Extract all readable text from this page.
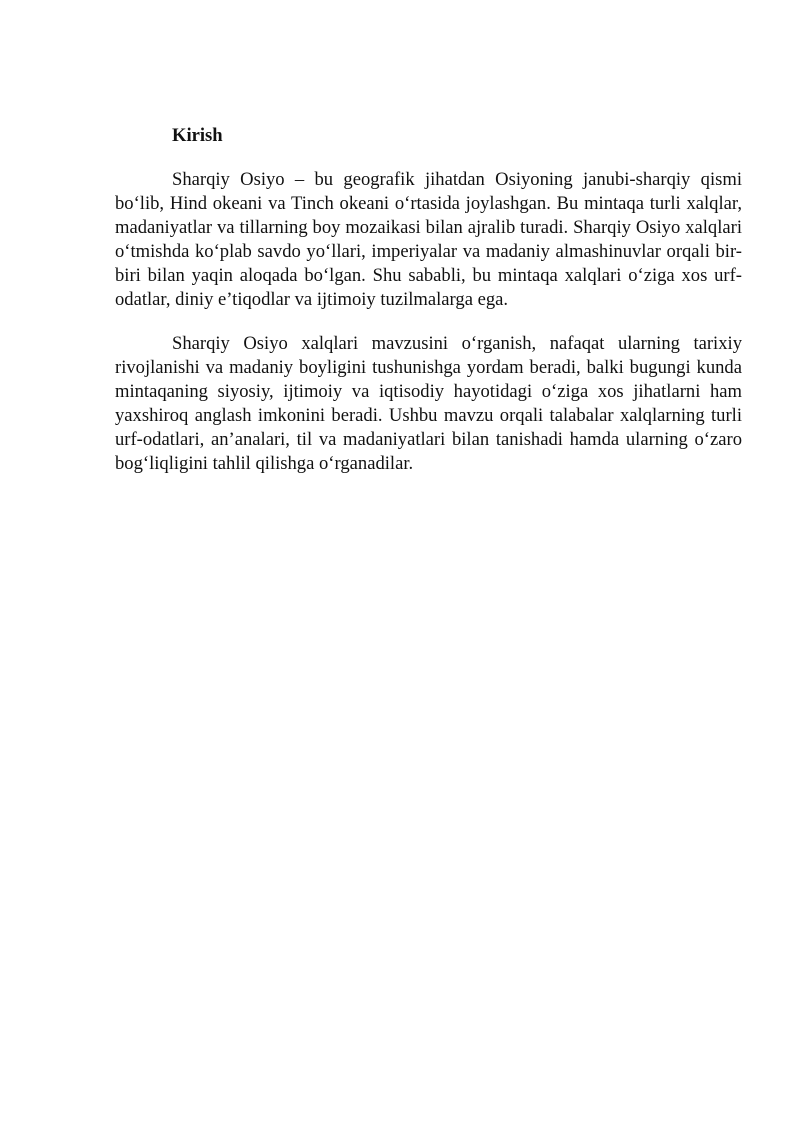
Kirish

Sharqiy Osiyo – bu geografik jihatdan Osiyoning janubi-sharqiy qismi bo‘lib, Hind okeani va Tinch okeani o‘rtasida joylashgan. Bu mintaqa turli xalqlar, madaniyatlar va tillarning boy mozaikasi bilan ajralib turadi. Sharqiy Osiyo xalqlari o‘tmishda ko‘plab savdo yo‘llari, imperiyalar va madaniy almashinuvlar orqali bir-biri bilan yaqin aloqada bo‘lgan. Shu sababli, bu mintaqa xalqlari o‘ziga xos urf-odatlar, diniy e’tiqodlar va ijtimoiy tuzilmalarga ega.

Sharqiy Osiyo xalqlari mavzusini o‘rganish, nafaqat ularning tarixiy rivojlanishi va madaniy boyligini tushunishga yordam beradi, balki bugungi kunda mintaqaning siyosiy, ijtimoiy va iqtisodiy hayotidagi o‘ziga xos jihatlarni ham yaxshiroq anglash imkonini beradi. Ushbu mavzu orqali talabalar xalqlarning turli urf-odatlari, an’analari, til va madaniyatlari bilan tanishadi hamda ularning o‘zaro bog‘liqligini tahlil qilishga o‘rganadilar.
